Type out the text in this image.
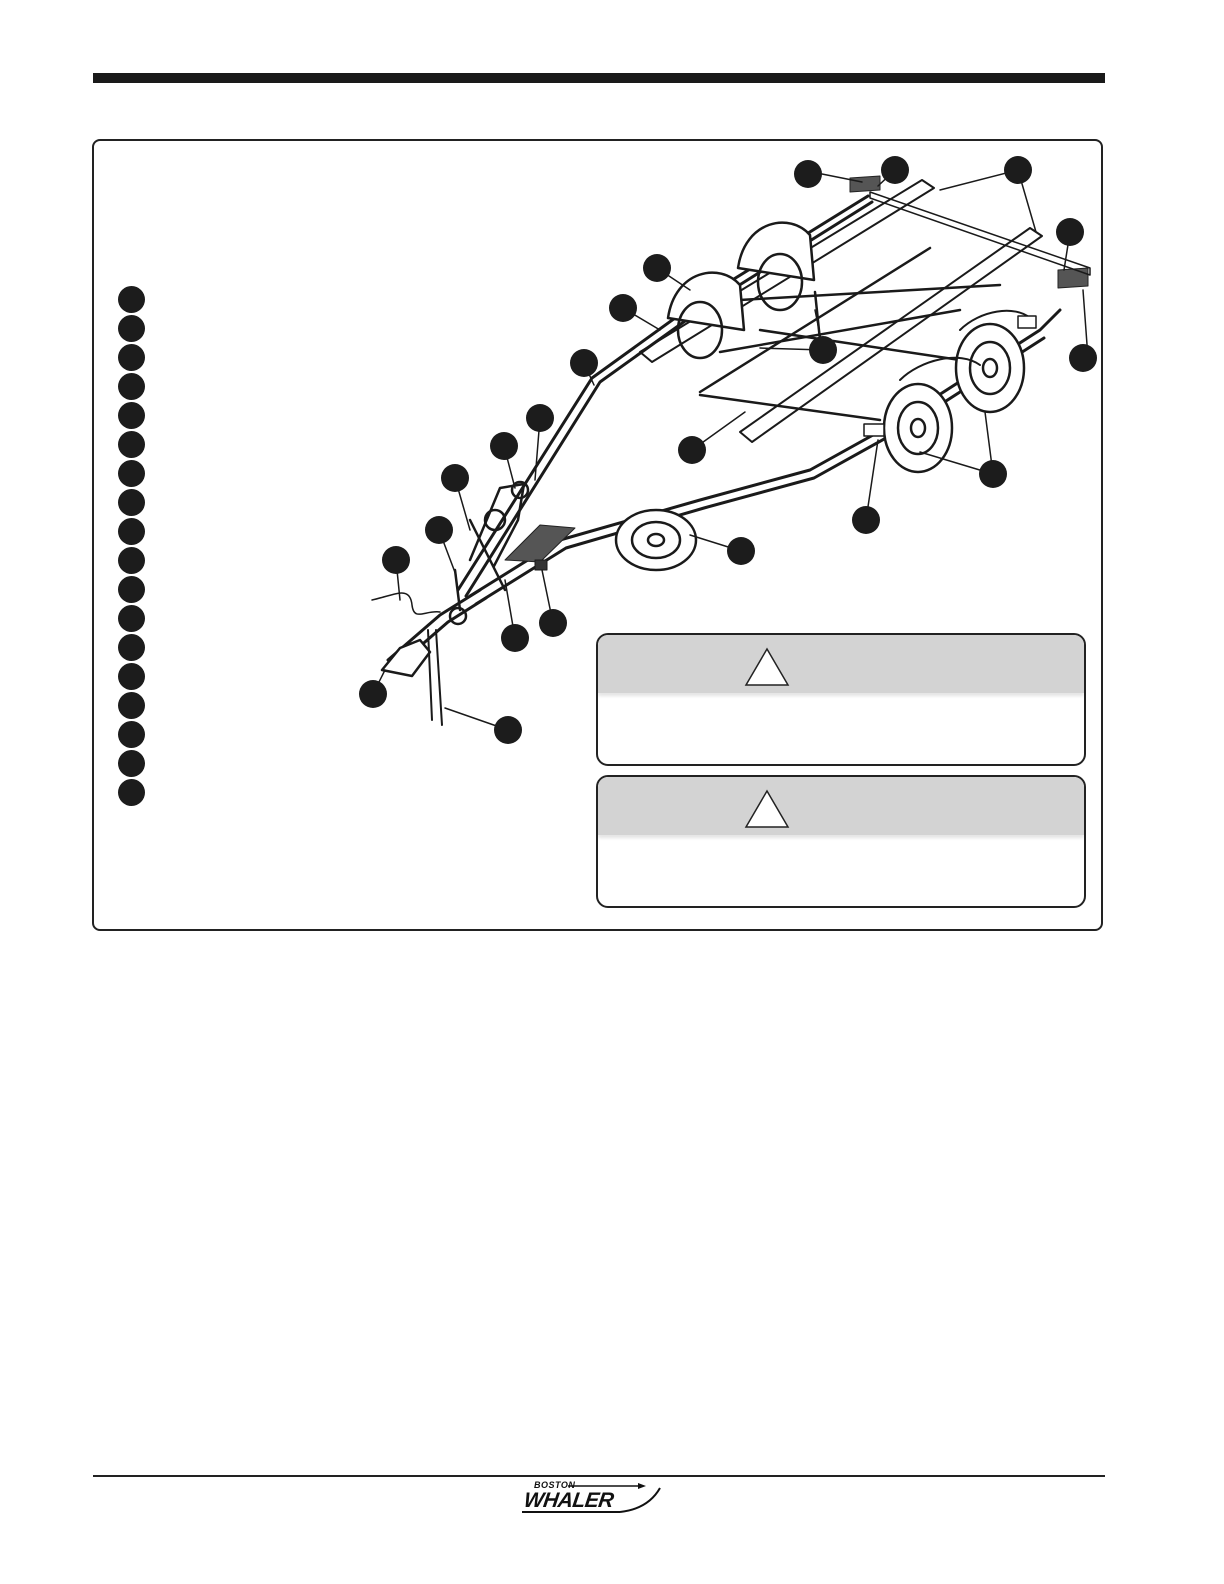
BOSTON
WHALER
